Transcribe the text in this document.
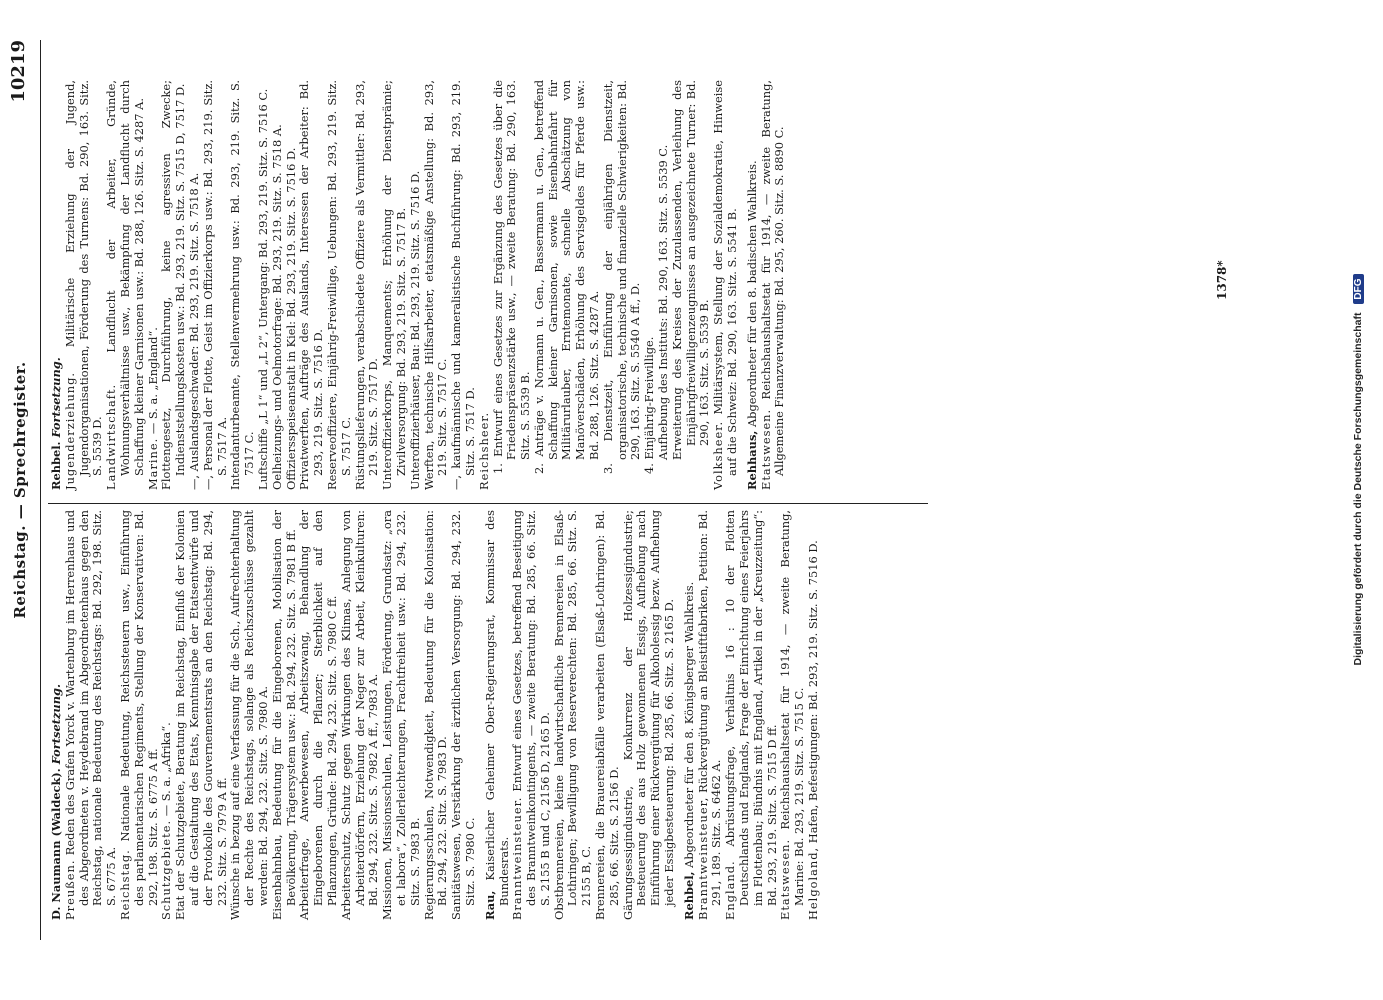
Reichstag. — Sprechregister.
10219

D. Naumann (Waldeck). Fortsetzung.

Preußen. Reden des Grafen Yorck v. Wartenburg im Herrenhaus und des Abgeordneten v. Heydebrand im Abgeordnetenhaus gegen den Reichstag, nationale Bedeutung des Reichstags: Bd. 292, 198. Sitz. S. 6775 A. Reichstag. Nationale Bedeutung, Reichssteuern usw., Einführung des parlamentarischen Regiments, Stellung der Konservativen: Bd. 292, 198. Sitz. S. 6775 A ff. Schutzgebiete. — S. a. „Afrika“. Etat der Schutzgebiete, Beratung im Reichstag, Einfluß der Kolonien auf die Gestaltung des Etats, Kenntnisgabe der Etatsentwürfe und der Protokolle des Gouvernementsrats an den Reichstag: Bd. 294, 232. Sitz. S. 7979 A ff. Wünsche in bezug auf eine Verfassung für die Sch., Aufrechterhaltung der Rechte des Reichstags, solange als Reichszuschüsse gezahlt werden: Bd. 294, 232. Sitz. S. 7980 A. Eisenbahnbau, Bedeutung für die Eingeborenen, Mobilisation der Bevölkerung, Trägersystem usw.: Bd. 294, 232. Sitz. S. 7981 B ff. Arbeiterfrage, Anwerbewesen, Arbeitszwang, Behandlung der Eingeborenen durch die Pflanzer; Sterblichkeit auf den Pflanzungen, Gründe: Bd. 294, 232. Sitz. S. 7980 C ff. Arbeiterschutz, Schutz gegen Wirkungen des Klimas, Anlegung von Arbeiterdörfern, Erziehung der Neger zur Arbeit, Kleinkulturen: Bd. 294, 232. Sitz. S. 7982 A ff., 7983 A. Missionen, Missionsschulen, Leistungen, Förderung, Grundsatz: „ora et labora“, Zollerleichterungen, Frachtfreiheit usw.: Bd. 294, 232. Sitz. S. 7983 B. Regierungsschulen, Notwendigkeit, Bedeutung für die Kolonisation: Bd. 294, 232. Sitz. S. 7983 D. Sanitätswesen, Verstärkung der ärztlichen Versorgung: Bd. 294, 232. Sitz. S. 7980 C. Rau, Kaiserlicher Geheimer Ober-Regierungsrat, Kommissar des Bundesrats. Branntweinsteuer. Entwurf eines Gesetzes, betreffend Beseitigung des Branntweinkontingents, — zweite Beratung: Bd. 285, 66. Sitz. S. 2155 B und C, 2156 D, 2165 D. Obstbrennereien, kleine landwirtschaftliche Brennereien in Elsaß-Lothringen; Bewilligung von Reserverechten: Bd. 285, 66. Sitz. S. 2155 B, C. Brennereien, die Brauereiabfälle verarbeiten (Elsaß-Lothringen): Bd. 285, 66. Sitz. S. 2156 D. Gärungsessigindustrie, Konkurrenz der Holzessigindustrie; Besteuerung des aus Holz gewonnenen Essigs, Aufhebung nach Einführung einer Rückvergütung für Alkoholessig bezw. Aufhebung jeder Essigbesteuerung: Bd. 285, 66. Sitz. S. 2165 D. Rehbel, Abgeordneter für den 8. Königsberger Wahlkreis. Branntweinsteuer, Rückvergütung an Bleistiftfabriken, Petition: Bd. 291, 189. Sitz. S. 6462 A. England. Abrüstungsfrage, Verhältnis 16 : 10 der Flotten Deutschlands und Englands, Frage der Einrichtung eines Feierjahrs im Flottenbau; Bündnis mit England, Artikel in der „Kreuzzeitung“: Bd. 293, 219. Sitz. S. 7515 D ff. Etatswesen. Reichshaushaltsetat für 1914, — zweite Beratung, Marine: Bd. 293, 219. Sitz. S. 7515 C. Helgoland, Hafen, Befestigungen: Bd. 293, 219. Sitz. S. 7516 D.

Rehbel. Fortsetzung. Jugenderziehung. Militärische Erziehung der Jugend, Jugendorganisationen, Förderung des Turnens: Bd. 290, 163. Sitz. S. 5539 D. Landwirtschaft. Landflucht der Arbeiter, Gründe, Wohnungsverhältnisse usw., Bekämpfung der Landflucht durch Schaffung kleiner Garnisonen usw.: Bd. 288, 126. Sitz. S. 4287 A. Marine. — S. a. „England“. Flottengesetz, Durchführung, keine agressiven Zwecke; Indienststellungskosten usw.: Bd. 293, 219. Sitz. S. 7515 D, 7517 D. —, Auslandsgeschwader: Bd. 293, 219. Sitz. S. 7518 A. —, Personal der Flotte, Geist im Offizierkorps usw.: Bd. 293, 219. Sitz. S. 7517 A. Intendanturbeamte, Stellenvermehrung usw.: Bd. 293, 219. Sitz. S. 7517 C. Luftschiffe „L 1“ und „L 2“, Untergang: Bd. 293, 219. Sitz. S. 7516 C. Oelheizungs- und Oelmotorfrage: Bd. 293, 219. Sitz. S. 7518 A. Offiziersspeiseanstalt in Kiel: Bd. 293, 219. Sitz. S. 7516 D. Privatwerften, Aufträge des Auslands, Interessen der Arbeiter: Bd. 293, 219. Sitz. S. 7516 D. Reserveoffiziere, Einjährig-Freiwillige, Uebungen: Bd. 293, 219. Sitz. S. 7517 C. Rüstungslieferungen, verabschiedete Offiziere als Vermittler: Bd. 293, 219. Sitz. S. 7517 D. Unteroffizierkorps, Manquements; Erhöhung der Dienstprämie; Zivilversorgung: Bd. 293, 219. Sitz. S. 7517 B. Unteroffizierhäuser, Bau: Bd. 293, 219. Sitz. S. 7516 D. Werften, technische Hilfsarbeiter, etatsmäßige Anstellung: Bd. 293, 219. Sitz. S. 7517 C. —, kaufmännische und kameralistische Buchführung: Bd. 293, 219. Sitz. S. 7517 D. Reichsheer. 1. Entwurf eines Gesetzes zur Ergänzung des Gesetzes über die Friedenspräsenzstärke usw., — zweite Beratung: Bd. 290, 163. Sitz. S. 5539 B. 2. Anträge v. Normann u. Gen., Bassermann u. Gen., betreffend Schaffung kleiner Garnisonen, sowie Eisenbahnfahrt für Militärurlauber, Erntemonate, schnelle Abschätzung von Manöverschäden, Erhöhung des Servisgeldes für Pferde usw.: Bd. 288, 126. Sitz. S. 4287 A. 3. Dienstzeit, Einführung der einjährigen Dienstzeit, organisatorische, technische und finanzielle Schwierigkeiten: Bd. 290, 163. Sitz. S. 5540 A ff., D. 4. Einjährig-Freiwillige. Aufhebung des Instituts: Bd. 290, 163. Sitz. S. 5539 C. Erweiterung des Kreises der Zuzulassenden, Verleihung des Einjährigfreiwilligenzeugnisses an ausgezeichnete Turner: Bd. 290, 163. Sitz. S. 5539 B.

Volksheer. Militärsystem, Stellung der Sozialdemokratie, Hinweise auf die Schweiz: Bd. 290, 163. Sitz. S. 5541 B. Rehhaus, Abgeordneter für den 8. badischen Wahlkreis.

Etatswesen. Reichshaushaltsetat für 1914, — zweite Beratung, Allgemeine Finanzverwaltung: Bd. 295, 260. Sitz. S. 8890 C.	1378*
Digitalisierung gefördert durch die Deutsche Forschungsgemeinschaft DFG
